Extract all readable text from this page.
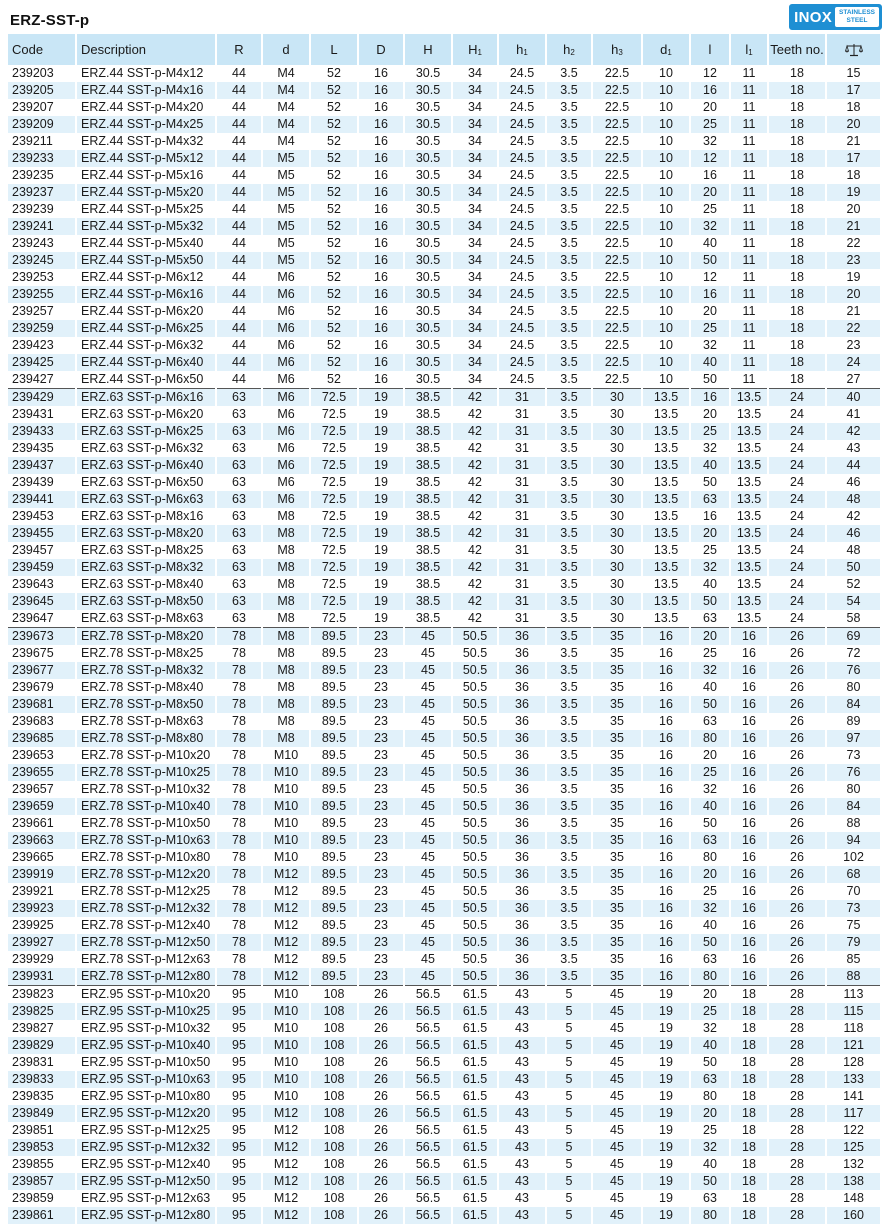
ERZ-SST-p	INOX	STAINLESS
STEEL
Code	Description	R	d	L	D	H	$H_1$	$h_1$	$h_2$	$h_3$	$d_1$	l	$l_1$	Teeth no.	
239203	ERZ.44 SST-p-M4x12	44	M4	52	16	30.5	34	24.5	3.5	22.5	10	12	11	18	15
239205	ERZ.44 SST-p-M4x16	44	M4	52	16	30.5	34	24.5	3.5	22.5	10	16	11	18	17
239207	ERZ.44 SST-p-M4x20	44	M4	52	16	30.5	34	24.5	3.5	22.5	10	20	11	18	18
239209	ERZ.44 SST-p-M4x25	44	M4	52	16	30.5	34	24.5	3.5	22.5	10	25	11	18	20
239211	ERZ.44 SST-p-M4x32	44	M4	52	16	30.5	34	24.5	3.5	22.5	10	32	11	18	21
239233	ERZ.44 SST-p-M5x12	44	M5	52	16	30.5	34	24.5	3.5	22.5	10	12	11	18	17
239235	ERZ.44 SST-p-M5x16	44	M5	52	16	30.5	34	24.5	3.5	22.5	10	16	11	18	18
239237	ERZ.44 SST-p-M5x20	44	M5	52	16	30.5	34	24.5	3.5	22.5	10	20	11	18	19
239239	ERZ.44 SST-p-M5x25	44	M5	52	16	30.5	34	24.5	3.5	22.5	10	25	11	18	20
239241	ERZ.44 SST-p-M5x32	44	M5	52	16	30.5	34	24.5	3.5	22.5	10	32	11	18	21
239243	ERZ.44 SST-p-M5x40	44	M5	52	16	30.5	34	24.5	3.5	22.5	10	40	11	18	22
239245	ERZ.44 SST-p-M5x50	44	M5	52	16	30.5	34	24.5	3.5	22.5	10	50	11	18	23
239253	ERZ.44 SST-p-M6x12	44	M6	52	16	30.5	34	24.5	3.5	22.5	10	12	11	18	19
239255	ERZ.44 SST-p-M6x16	44	M6	52	16	30.5	34	24.5	3.5	22.5	10	16	11	18	20
239257	ERZ.44 SST-p-M6x20	44	M6	52	16	30.5	34	24.5	3.5	22.5	10	20	11	18	21
239259	ERZ.44 SST-p-M6x25	44	M6	52	16	30.5	34	24.5	3.5	22.5	10	25	11	18	22
239423	ERZ.44 SST-p-M6x32	44	M6	52	16	30.5	34	24.5	3.5	22.5	10	32	11	18	23
239425	ERZ.44 SST-p-M6x40	44	M6	52	16	30.5	34	24.5	3.5	22.5	10	40	11	18	24
239427	ERZ.44 SST-p-M6x50	44	M6	52	16	30.5	34	24.5	3.5	22.5	10	50	11	18	27
239429	ERZ.63 SST-p-M6x16	63	M6	72.5	19	38.5	42	31	3.5	30	13.5	16	13.5	24	40
239431	ERZ.63 SST-p-M6x20	63	M6	72.5	19	38.5	42	31	3.5	30	13.5	20	13.5	24	41
239433	ERZ.63 SST-p-M6x25	63	M6	72.5	19	38.5	42	31	3.5	30	13.5	25	13.5	24	42
239435	ERZ.63 SST-p-M6x32	63	M6	72.5	19	38.5	42	31	3.5	30	13.5	32	13.5	24	43
239437	ERZ.63 SST-p-M6x40	63	M6	72.5	19	38.5	42	31	3.5	30	13.5	40	13.5	24	44
239439	ERZ.63 SST-p-M6x50	63	M6	72.5	19	38.5	42	31	3.5	30	13.5	50	13.5	24	46
239441	ERZ.63 SST-p-M6x63	63	M6	72.5	19	38.5	42	31	3.5	30	13.5	63	13.5	24	48
239453	ERZ.63 SST-p-M8x16	63	M8	72.5	19	38.5	42	31	3.5	30	13.5	16	13.5	24	42
239455	ERZ.63 SST-p-M8x20	63	M8	72.5	19	38.5	42	31	3.5	30	13.5	20	13.5	24	46
239457	ERZ.63 SST-p-M8x25	63	M8	72.5	19	38.5	42	31	3.5	30	13.5	25	13.5	24	48
239459	ERZ.63 SST-p-M8x32	63	M8	72.5	19	38.5	42	31	3.5	30	13.5	32	13.5	24	50
239643	ERZ.63 SST-p-M8x40	63	M8	72.5	19	38.5	42	31	3.5	30	13.5	40	13.5	24	52
239645	ERZ.63 SST-p-M8x50	63	M8	72.5	19	38.5	42	31	3.5	30	13.5	50	13.5	24	54
239647	ERZ.63 SST-p-M8x63	63	M8	72.5	19	38.5	42	31	3.5	30	13.5	63	13.5	24	58
239673	ERZ.78 SST-p-M8x20	78	M8	89.5	23	45	50.5	36	3.5	35	16	20	16	26	69
239675	ERZ.78 SST-p-M8x25	78	M8	89.5	23	45	50.5	36	3.5	35	16	25	16	26	72
239677	ERZ.78 SST-p-M8x32	78	M8	89.5	23	45	50.5	36	3.5	35	16	32	16	26	76
239679	ERZ.78 SST-p-M8x40	78	M8	89.5	23	45	50.5	36	3.5	35	16	40	16	26	80
239681	ERZ.78 SST-p-M8x50	78	M8	89.5	23	45	50.5	36	3.5	35	16	50	16	26	84
239683	ERZ.78 SST-p-M8x63	78	M8	89.5	23	45	50.5	36	3.5	35	16	63	16	26	89
239685	ERZ.78 SST-p-M8x80	78	M8	89.5	23	45	50.5	36	3.5	35	16	80	16	26	97
239653	ERZ.78 SST-p-M10x20	78	M10	89.5	23	45	50.5	36	3.5	35	16	20	16	26	73
239655	ERZ.78 SST-p-M10x25	78	M10	89.5	23	45	50.5	36	3.5	35	16	25	16	26	76
239657	ERZ.78 SST-p-M10x32	78	M10	89.5	23	45	50.5	36	3.5	35	16	32	16	26	80
239659	ERZ.78 SST-p-M10x40	78	M10	89.5	23	45	50.5	36	3.5	35	16	40	16	26	84
239661	ERZ.78 SST-p-M10x50	78	M10	89.5	23	45	50.5	36	3.5	35	16	50	16	26	88
239663	ERZ.78 SST-p-M10x63	78	M10	89.5	23	45	50.5	36	3.5	35	16	63	16	26	94
239665	ERZ.78 SST-p-M10x80	78	M10	89.5	23	45	50.5	36	3.5	35	16	80	16	26	102
239919	ERZ.78 SST-p-M12x20	78	M12	89.5	23	45	50.5	36	3.5	35	16	20	16	26	68
239921	ERZ.78 SST-p-M12x25	78	M12	89.5	23	45	50.5	36	3.5	35	16	25	16	26	70
239923	ERZ.78 SST-p-M12x32	78	M12	89.5	23	45	50.5	36	3.5	35	16	32	16	26	73
239925	ERZ.78 SST-p-M12x40	78	M12	89.5	23	45	50.5	36	3.5	35	16	40	16	26	75
239927	ERZ.78 SST-p-M12x50	78	M12	89.5	23	45	50.5	36	3.5	35	16	50	16	26	79
239929	ERZ.78 SST-p-M12x63	78	M12	89.5	23	45	50.5	36	3.5	35	16	63	16	26	85
239931	ERZ.78 SST-p-M12x80	78	M12	89.5	23	45	50.5	36	3.5	35	16	80	16	26	88
239823	ERZ.95 SST-p-M10x20	95	M10	108	26	56.5	61.5	43	5	45	19	20	18	28	113
239825	ERZ.95 SST-p-M10x25	95	M10	108	26	56.5	61.5	43	5	45	19	25	18	28	115
239827	ERZ.95 SST-p-M10x32	95	M10	108	26	56.5	61.5	43	5	45	19	32	18	28	118
239829	ERZ.95 SST-p-M10x40	95	M10	108	26	56.5	61.5	43	5	45	19	40	18	28	121
239831	ERZ.95 SST-p-M10x50	95	M10	108	26	56.5	61.5	43	5	45	19	50	18	28	128
239833	ERZ.95 SST-p-M10x63	95	M10	108	26	56.5	61.5	43	5	45	19	63	18	28	133
239835	ERZ.95 SST-p-M10x80	95	M10	108	26	56.5	61.5	43	5	45	19	80	18	28	141
239849	ERZ.95 SST-p-M12x20	95	M12	108	26	56.5	61.5	43	5	45	19	20	18	28	117
239851	ERZ.95 SST-p-M12x25	95	M12	108	26	56.5	61.5	43	5	45	19	25	18	28	122
239853	ERZ.95 SST-p-M12x32	95	M12	108	26	56.5	61.5	43	5	45	19	32	18	28	125
239855	ERZ.95 SST-p-M12x40	95	M12	108	26	56.5	61.5	43	5	45	19	40	18	28	132
239857	ERZ.95 SST-p-M12x50	95	M12	108	26	56.5	61.5	43	5	45	19	50	18	28	138
239859	ERZ.95 SST-p-M12x63	95	M12	108	26	56.5	61.5	43	5	45	19	63	18	28	148
239861	ERZ.95 SST-p-M12x80	95	M12	108	26	56.5	61.5	43	5	45	19	80	18	28	160
